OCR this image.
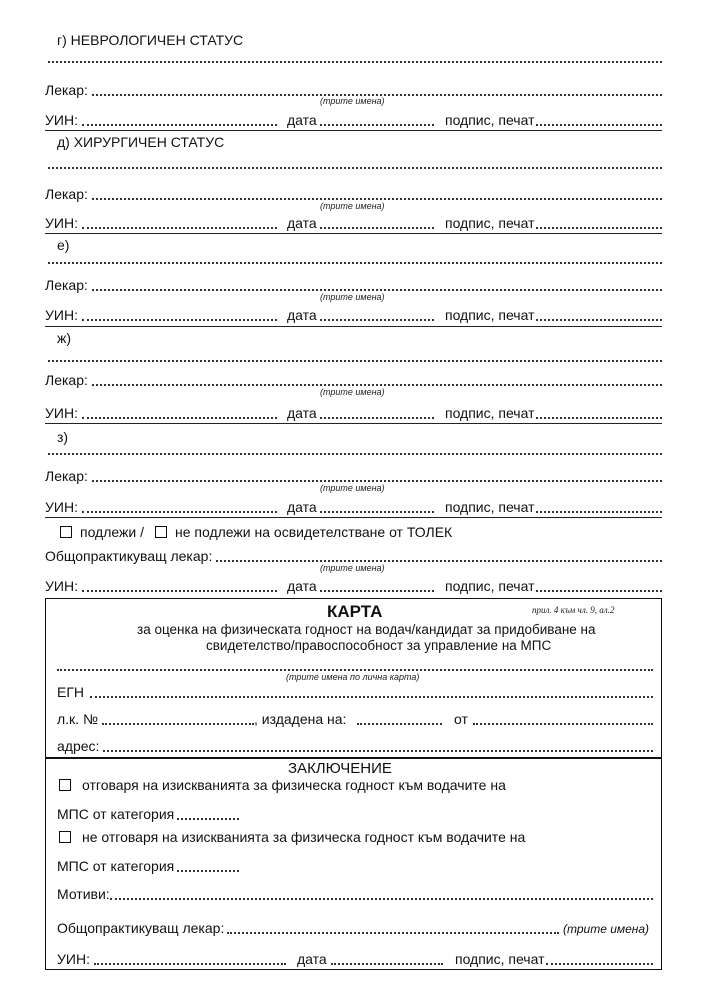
г) НЕВРОЛОГИЧЕН СТАТУС
Лекар:
(трите имена)
УИН:	дата	подпис, печат
д) ХИРУРГИЧЕН СТАТУС
Лекар:
(трите имена)
УИН:	дата	подпис, печат
е)
Лекар:
(трите имена)
УИН:	дата	подпис, печат
ж)
Лекар:
(трите имена)
УИН:	дата	подпис, печат
з)
Лекар:
(трите имена)
УИН:	дата	подпис, печат
подлежи / не подлежи на освидетелстване от ТОЛЕК
Общопрактикуващ лекар:
(трите имена)
УИН:	дата	подпис, печат
КАРТА	прил. 4 към чл. 9, ал.2
за оценка на физическата годност на водач/кандидат за придобиване на
свидетелство/правоспособност за управление на МПС
(трите имена по лична карта)
ЕГН
л.к. №	, издадена на:	от
адрес:
ЗАКЛЮЧЕНИЕ
отговаря на изискванията за физическа годност към водачите на
МПС от категория
не отговаря на изискванията за физическа годност към водачите на
МПС от категория
Мотиви:
Общопрактикуващ лекар:	(трите имена)
УИН:	дата	подпис, печат
